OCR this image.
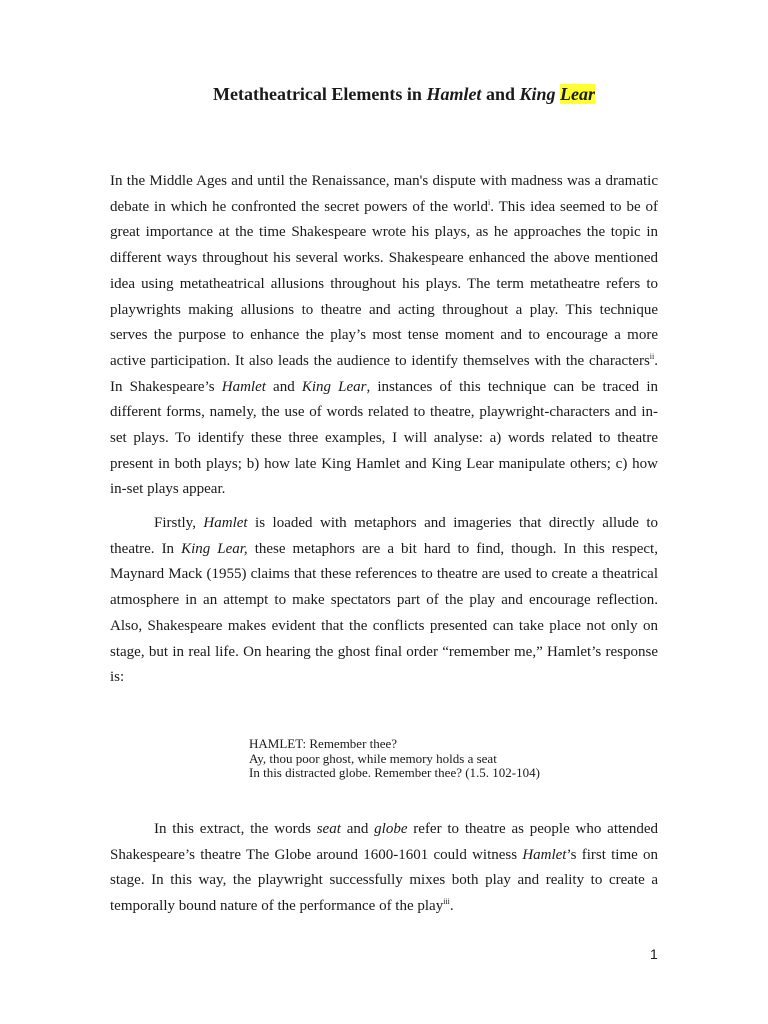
Metatheatrical Elements in Hamlet and King Lear

In the Middle Ages and until the Renaissance, man's dispute with madness was a dramatic debate in which he confronted the secret powers of the world$^i$. This idea seemed to be of great importance at the time Shakespeare wrote his plays, as he approaches the topic in different ways throughout his several works. Shakespeare enhanced the above mentioned idea using metatheatrical allusions throughout his plays. The term metatheatre refers to playwrights making allusions to theatre and acting throughout a play. This technique serves the purpose to enhance the play’s most tense moment and to encourage a more active participation. It also leads the audience to identify themselves with the characters$^{ii}$. In Shakespeare’s Hamlet and King Lear, instances of this technique can be traced in different forms, namely, the use of words related to theatre, playwright-characters and in-set plays. To identify these three examples, I will analyse: a) words related to theatre present in both plays; b) how late King Hamlet and King Lear manipulate others; c) how in-set plays appear.

Firstly, Hamlet is loaded with metaphors and imageries that directly allude to theatre. In King Lear, these metaphors are a bit hard to find, though. In this respect, Maynard Mack (1955) claims that these references to theatre are used to create a theatrical atmosphere in an attempt to make spectators part of the play and encourage reflection. Also, Shakespeare makes evident that the conflicts presented can take place not only on stage, but in real life. On hearing the ghost final order “remember me,” Hamlet’s response is:

HAMLET: Remember thee?
Ay, thou poor ghost, while memory holds a seat
In this distracted globe. Remember thee? (1.5. 102-104)

In this extract, the words seat and globe refer to theatre as people who attended Shakespeare’s theatre The Globe around 1600-1601 could witness Hamlet’s first time on stage. In this way, the playwright successfully mixes both play and reality to create a temporally bound nature of the performance of the play$^{iii}$.

1
